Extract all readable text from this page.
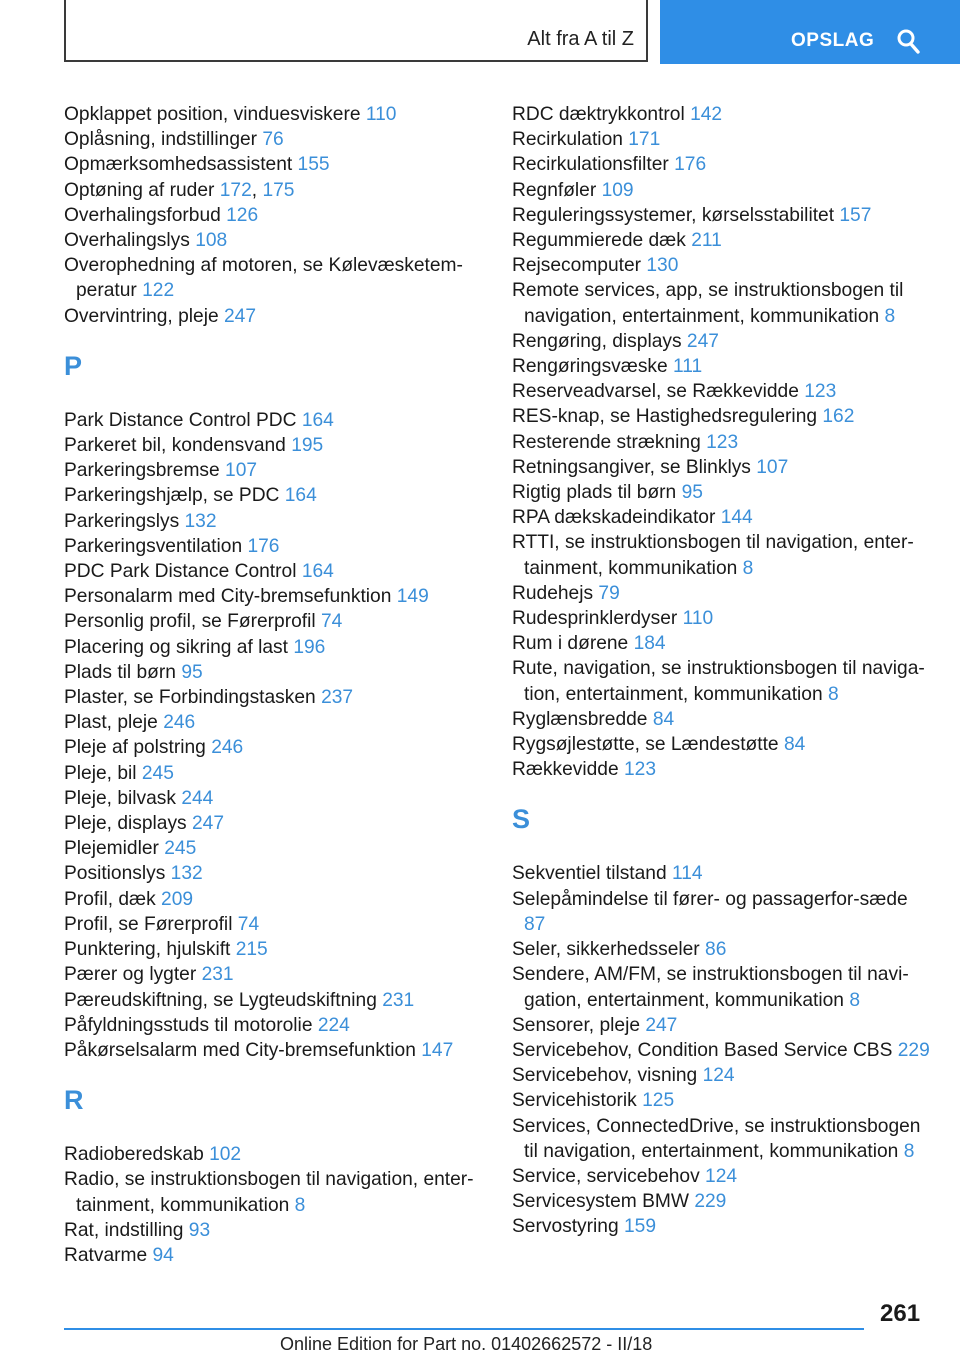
Alt fra A til Z	OPSLAG
Opklappet position, vinduesviskere 110
Oplåsning, indstillinger 76
Opmærksomhedsassistent 155
Optøning af ruder 172, 175
Overhalingsforbud 126
Overhalingslys 108
Overophedning af motoren, se Kølevæsketem-peratur 122
Overvintring, pleje 247
P
Park Distance Control PDC 164
Parkeret bil, kondensvand 195
Parkeringsbremse 107
Parkeringshjælp, se PDC 164
Parkeringslys 132
Parkeringsventilation 176
PDC Park Distance Control 164
Personalarm med City-bremsefunktion 149
Personlig profil, se Førerprofil 74
Placering og sikring af last 196
Plads til børn 95
Plaster, se Forbindingstasken 237
Plast, pleje 246
Pleje af polstring 246
Pleje, bil 245
Pleje, bilvask 244
Pleje, displays 247
Plejemidler 245
Positionslys 132
Profil, dæk 209
Profil, se Førerprofil 74
Punktering, hjulskift 215
Pærer og lygter 231
Pæreudskiftning, se Lygteudskiftning 231
Påfyldningsstuds til motorolie 224
Påkørselsalarm med City-bremsefunktion 147
R
Radioberedskab 102
Radio, se instruktionsbogen til navigation, enter-tainment, kommunikation 8
Rat, indstilling 93
Ratvarme 94
RDC dæktrykkontrol 142
Recirkulation 171
Recirkulationsfilter 176
Regnføler 109
Reguleringssystemer, kørselsstabilitet 157
Regummierede dæk 211
Rejsecomputer 130
Remote services, app, se instruktionsbogen til navigation, entertainment, kommunikation 8
Rengøring, displays 247
Rengøringsvæske 111
Reserveadvarsel, se Rækkevidde 123
RES-knap, se Hastighedsregulering 162
Resterende strækning 123
Retningsangiver, se Blinklys 107
Rigtig plads til børn 95
RPA dækskadeindikator 144
RTTI, se instruktionsbogen til navigation, enter-tainment, kommunikation 8
Rudehejs 79
Rudesprinklerdyser 110
Rum i dørene 184
Rute, navigation, se instruktionsbogen til naviga-tion, entertainment, kommunikation 8
Ryglænsbredde 84
Rygsøjlestøtte, se Lændestøtte 84
Rækkevidde 123
S
Sekventiel tilstand 114
Selepåmindelse til fører- og passagerfor-sæde 87
Seler, sikkerhedsseler 86
Sendere, AM/FM, se instruktionsbogen til navi-gation, entertainment, kommunikation 8
Sensorer, pleje 247
Servicebehov, Condition Based Service CBS 229
Servicebehov, visning 124
Servicehistorik 125
Services, ConnectedDrive, se instruktionsbogen til navigation, entertainment, kommunikation 8
Service, servicebehov 124
Servicesystem BMW 229
Servostyring 159
261
Online Edition for Part no. 01402662572 - II/18
